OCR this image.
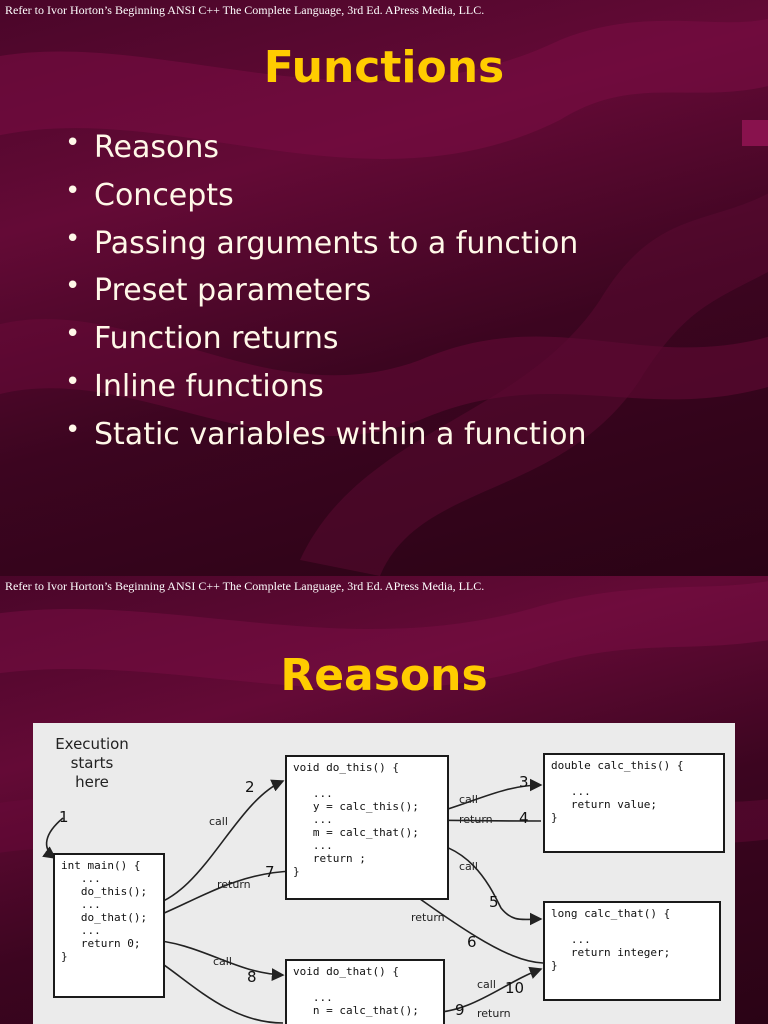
Refer to Ivor Horton’s Beginning ANSI C++ The Complete Language, 3rd Ed. APress Media, LLC.
Functions
• Reasons
• Concepts
• Passing arguments to a function
• Preset parameters
• Function returns
• Inline functions
• Static variables within a function
Refer to Ivor Horton’s Beginning ANSI C++ The Complete Language, 3rd Ed. APress Media, LLC.
Reasons
Execution
starts
here
int main() {
...
do_this();
...
do_that();
...
return 0;
}
void do_this() {

...
y = calc_this();
...
m = calc_that();
...
return ;
}
double calc_this() {

...
return value;
}
void do_that() {

...
n = calc_that();
long calc_that() {

...
return integer;
}
call
return
call
return
call
return
call
call
return
1
2	3
4
5
6
7
8
9
10
